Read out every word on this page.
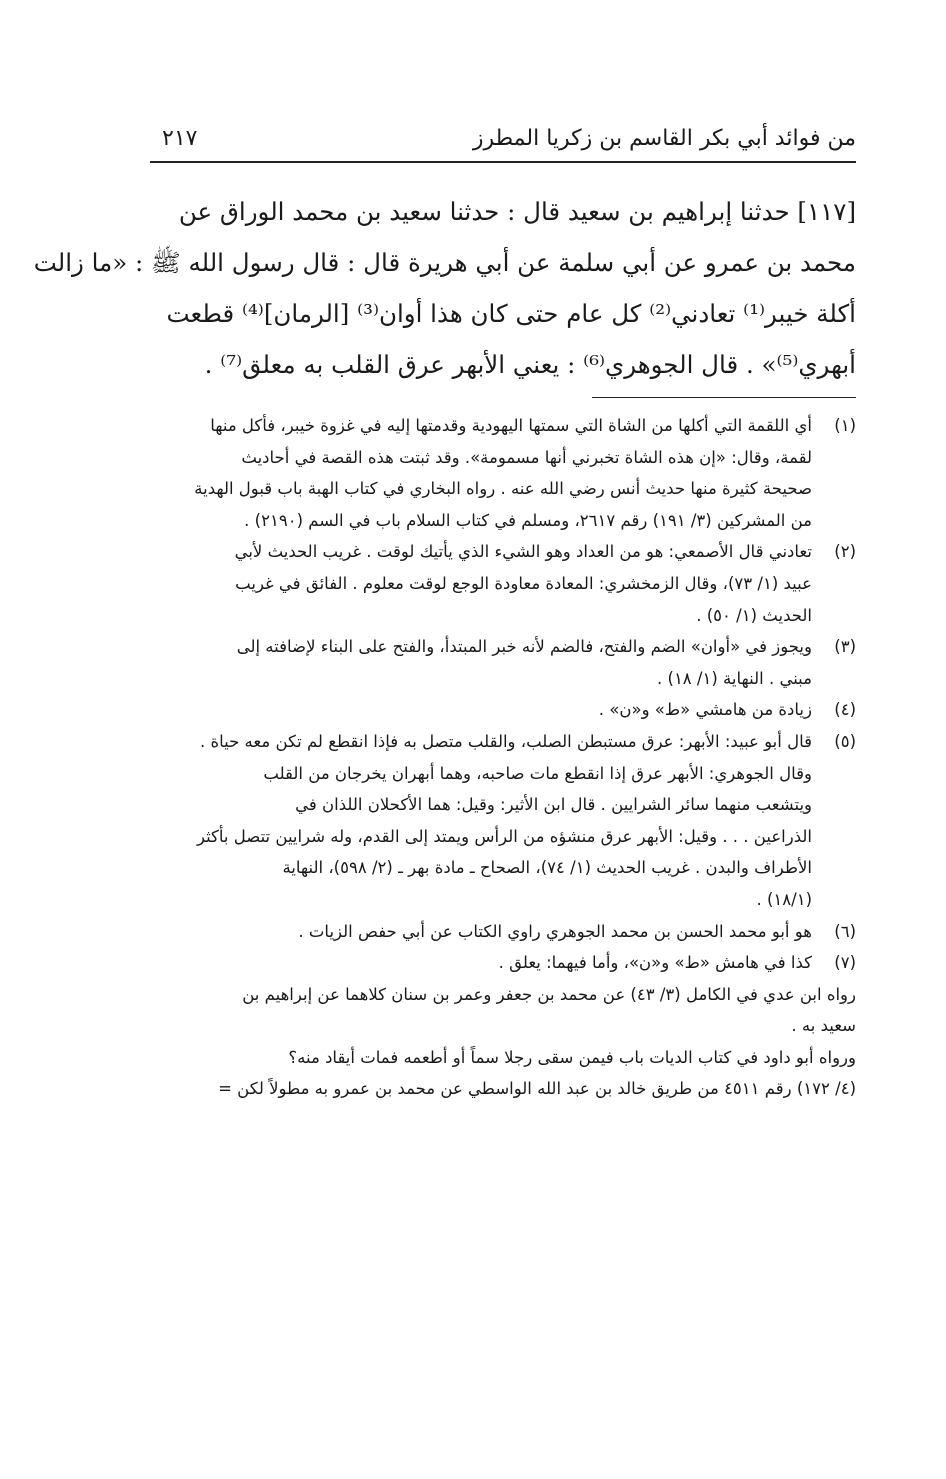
من فوائد أبي بكر القاسم بن زكريا المطرز
٢١٧
[١١٧] حدثنا إبراهيم بن سعيد قال : حدثنا سعيد بن محمد الوراق عن
محمد بن عمرو عن أبي سلمة عن أبي هريرة قال : قال رسول الله ﷺ : «ما زالت
أكلة خيبر⁽¹⁾ تعادني⁽²⁾ كل عام حتى كان هذا أوان⁽³⁾ [الرمان]⁽⁴⁾ قطعت
أبهري⁽⁵⁾» . قال الجوهري⁽⁶⁾ : يعني الأبهر عرق القلب به معلق⁽⁷⁾ .
(١)
أي اللقمة التي أكلها من الشاة التي سمتها اليهودية وقدمتها إليه في غزوة خيبر، فأكل منها
لقمة، وقال: «إن هذه الشاة تخبرني أنها مسمومة». وقد ثبتت هذه القصة في أحاديث
صحيحة كثيرة منها حديث أنس رضي الله عنه . رواه البخاري في كتاب الهبة باب قبول الهدية
من المشركين (٣/ ١٩١) رقم ٢٦١٧، ومسلم في كتاب السلام باب في السم (٢١٩٠) .
(٢)
تعادني قال الأصمعي: هو من العداد وهو الشيء الذي يأتيك لوقت . غريب الحديث لأبي
عبيد (١/ ٧٣)، وقال الزمخشري: المعادة معاودة الوجع لوقت معلوم . الفائق في غريب
الحديث (١/ ٥٠) .
(٣)
ويجوز في «أوان» الضم والفتح، فالضم لأنه خبر المبتدأ، والفتح على البناء لإضافته إلى
مبني . النهاية (١/ ١٨) .
(٤)
زيادة من هامشي «ط» و«ن» .
(٥)
قال أبو عبيد: الأبهر: عرق مستبطن الصلب، والقلب متصل به فإذا انقطع لم تكن معه حياة .
وقال الجوهري: الأبهر عرق إذا انقطع مات صاحبه، وهما أبهران يخرجان من القلب
ويتشعب منهما سائر الشرايين . قال ابن الأثير: وقيل: هما الأكحلان اللذان في
الذراعين . . . وقيل: الأبهر عرق منشؤه من الرأس ويمتد إلى القدم، وله شرايين تتصل بأكثر
الأطراف والبدن . غريب الحديث (١/ ٧٤)، الصحاح ـ مادة بهر ـ (٢/ ٥٩٨)، النهاية
(١٨/١) .
(٦)
هو أبو محمد الحسن بن محمد الجوهري راوي الكتاب عن أبي حفص الزيات .
(٧)
كذا في هامش «ط» و«ن»، وأما فيهما: يعلق .
رواه ابن عدي في الكامل (٣/ ٤٣) عن محمد بن جعفر وعمر بن سنان كلاهما عن إبراهيم بن
سعيد به .
ورواه أبو داود في كتاب الديات باب فيمن سقى رجلا سماً أو أطعمه فمات أيقاد منه؟
(٤/ ١٧٢) رقم ٤٥١١ من طريق خالد بن عبد الله الواسطي عن محمد بن عمرو به مطولاً لكن =
